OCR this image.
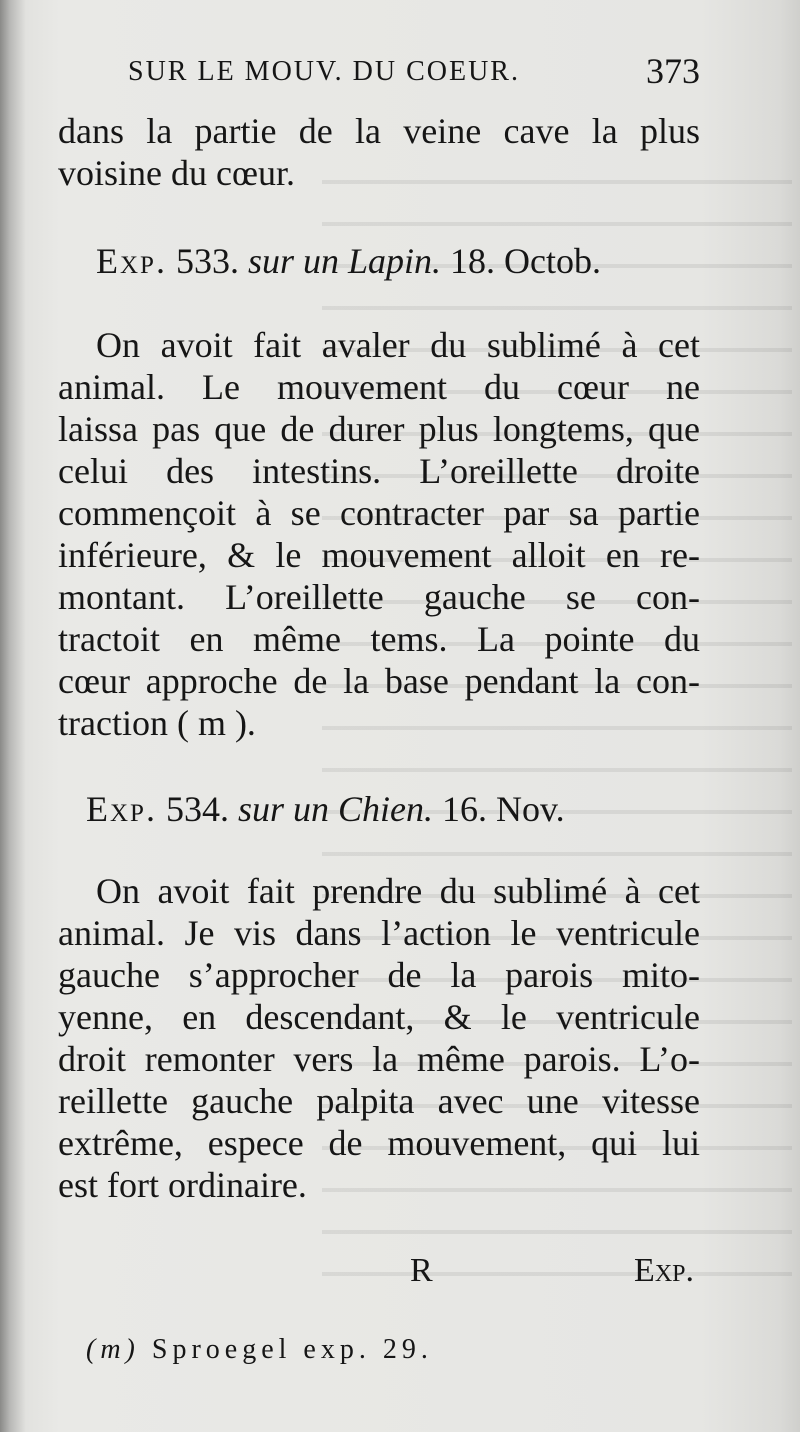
SUR LE MOUV. DU COEUR.	373

dans la partie de la veine cave la plus

voisine du cœur.

Exp. 533. sur un Lapin. 18. Octob.

On avoit fait avaler du sublimé à cet

animal. Le mouvement du cœur ne

laissa pas que de durer plus longtems, que

celui des intestins. L’oreillette droite

commençoit à se contracter par sa partie

inférieure, & le mouvement alloit en re-

montant. L’oreillette gauche se con-

tractoit en même tems. La pointe du

cœur approche de la base pendant la con-

traction ( m ).

Exp. 534. sur un Chien. 16. Nov.

On avoit fait prendre du sublimé à cet

animal. Je vis dans l’action le ventricule

gauche s’approcher de la parois mito-

yenne, en descendant, & le ventricule

droit remonter vers la même parois. L’o-

reillette gauche palpita avec une vitesse

extrême, espece de mouvement, qui lui

est fort ordinaire.

R	Exp.
(m) Sproegel exp. 29.
